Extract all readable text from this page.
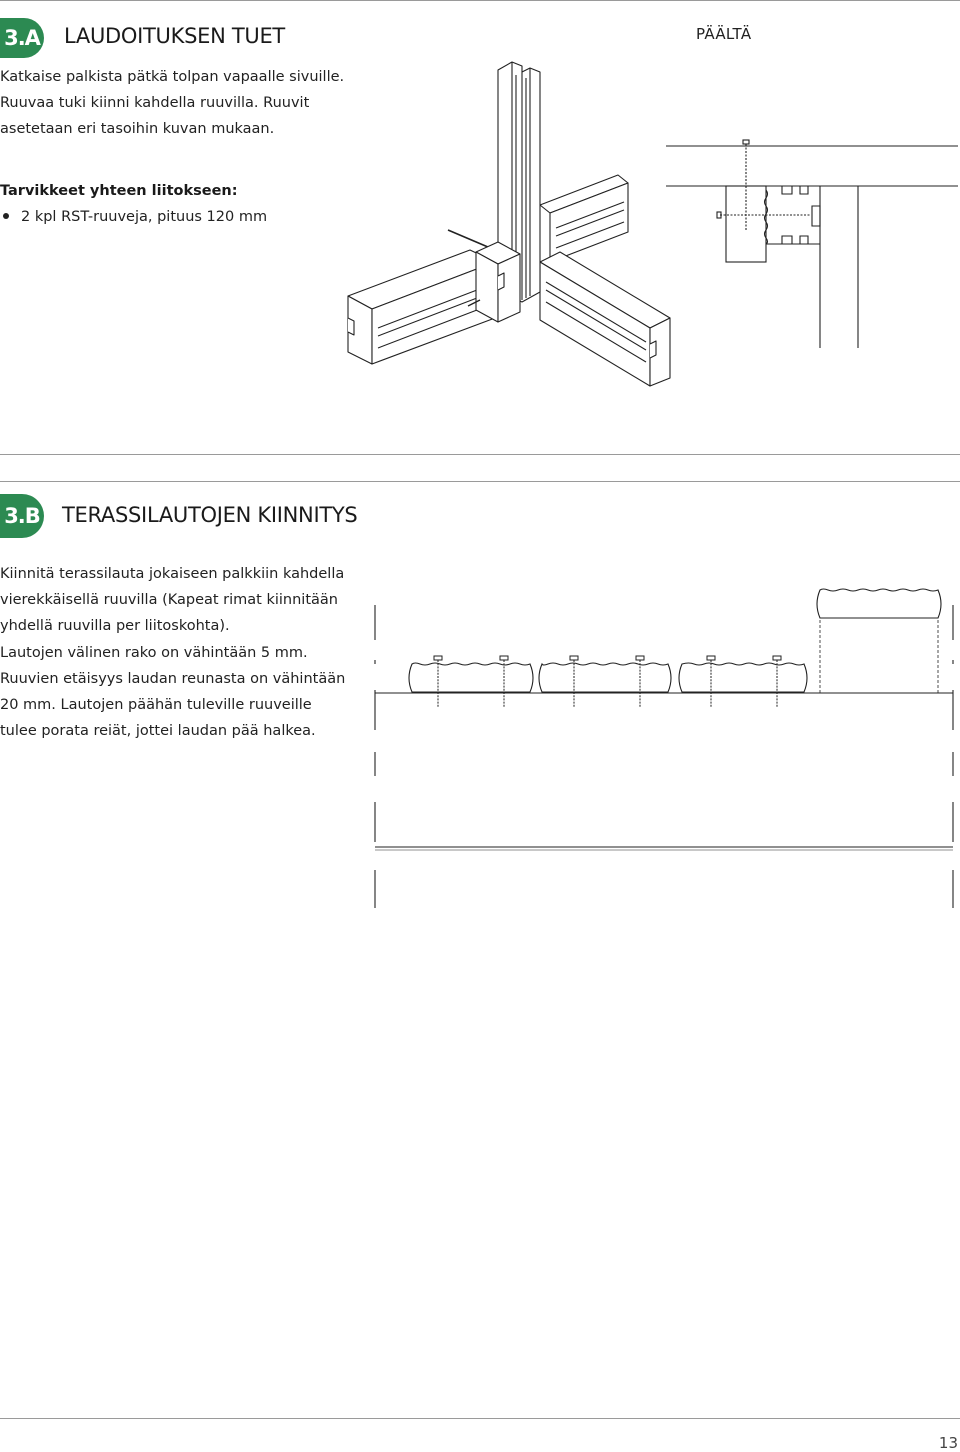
3.A LAUDOITUKSEN TUET
Katkaise palkista pätkä tolpan vapaalle sivuille.
Ruuvaa tuki kiinni kahdella ruuvilla. Ruuvit
asetetaan eri tasoihin kuvan mukaan.
Tarvikkeet yhteen liitokseen:
2 kpl RST-ruuveja, pituus 120 mm
PÄÄLTÄ
3.B TERASSILAUTOJEN KIINNITYS
Kiinnitä terassilauta jokaiseen palkkiin kahdella
vierekkäisellä ruuvilla (Kapeat rimat kiinnitään
yhdellä ruuvilla per liitoskohta).
Lautojen välinen rako on vähintään 5 mm.
Ruuvien etäisyys laudan reunasta on vähintään
20 mm. Lautojen päähän tuleville ruuveille
tulee porata reiät, jottei laudan pää halkea.
13
